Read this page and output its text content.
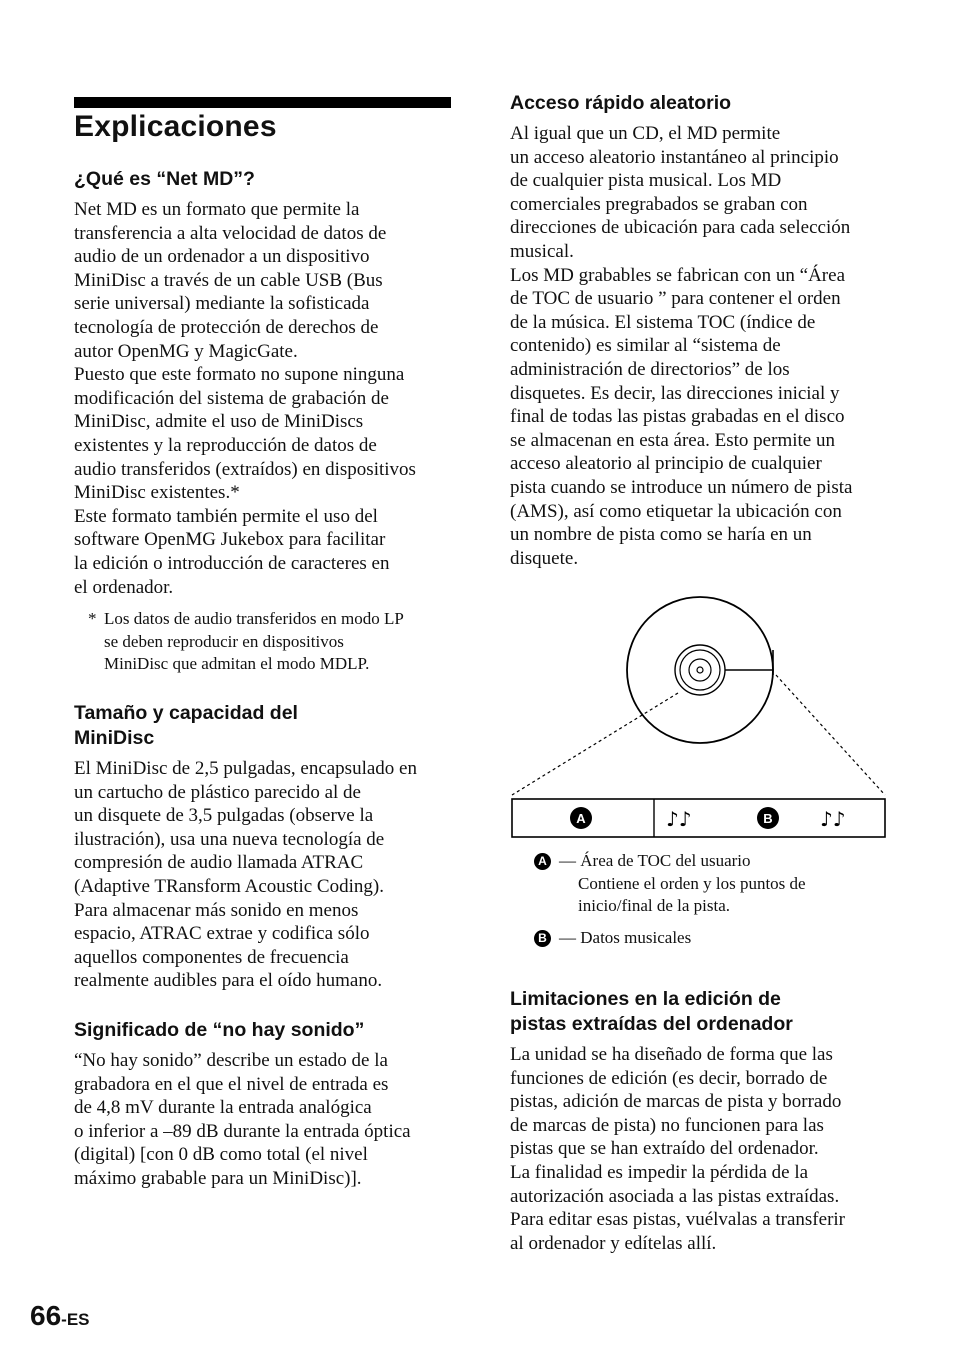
Explicaciones
¿Qué es “Net MD”?

Net MD es un formato que permite la
transferencia a alta velocidad de datos de
audio de un ordenador a un dispositivo
MiniDisc a través de un cable USB (Bus
serie universal) mediante la sofisticada
tecnología de protección de derechos de
autor OpenMG y MagicGate.
Puesto que este formato no supone ninguna
modificación del sistema de grabación de
MiniDisc, admite el uso de MiniDiscs
existentes y la reproducción de datos de
audio transferidos (extraídos) en dispositivos
MiniDisc existentes.*
Este formato también permite el uso del
software OpenMG Jukebox para facilitar
la edición o introducción de caracteres en
el ordenador.

* Los datos de audio transferidos en modo LP
se deben reproducir en dispositivos
MiniDisc que admitan el modo MDLP.
Tamaño y capacidad del
MiniDisc

El MiniDisc de 2,5 pulgadas, encapsulado en
un cartucho de plástico parecido al de
un disquete de 3,5 pulgadas (observe la
ilustración), usa una nueva tecnología de
compresión de audio llamada ATRAC
(Adaptive TRansform Acoustic Coding).
Para almacenar más sonido en menos
espacio, ATRAC extrae y codifica sólo
aquellos componentes de frecuencia
realmente audibles para el oído humano.

Significado de “no hay sonido”

“No hay sonido” describe un estado de la
grabadora en el que el nivel de entrada es
de 4,8 mV durante la entrada analógica
o inferior a –89 dB durante la entrada óptica
(digital) [con 0 dB como total (el nivel
máximo grabable para un MiniDisc)].

Acceso rápido aleatorio

Al igual que un CD, el MD permite
un acceso aleatorio instantáneo al principio
de cualquier pista musical. Los MD
comerciales pregrabados se graban con
direcciones de ubicación para cada selección
musical.
Los MD grabables se fabrican con un “Área
de TOC de usuario ” para contener el orden
de la música. El sistema TOC (índice de
contenido) es similar al “sistema de
administración de directorios” de los
disquetes. Es decir, las direcciones inicial y
final de todas las pistas grabadas en el disco
se almacenan en esta área. Esto permite un
acceso aleatorio al principio de cualquier
pista cuando se introduce un número de pista
(AMS), así como etiquetar la ubicación con
un nombre de pista como se haría en un
disquete.

A	♪♪	B ♪♪
A — Área de TOC del usuario
Contiene el orden y los puntos de
inicio/final de la pista.
B — Datos musicales
Limitaciones en la edición de
pistas extraídas del ordenador

La unidad se ha diseñado de forma que las
funciones de edición (es decir, borrado de
pistas, adición de marcas de pista y borrado
de marcas de pista) no funcionen para las
pistas que se han extraído del ordenador.
La finalidad es impedir la pérdida de la
autorización asociada a las pistas extraídas.
Para editar esas pistas, vuélvalas a transferir
al ordenador y edítelas allí.

66-ES
